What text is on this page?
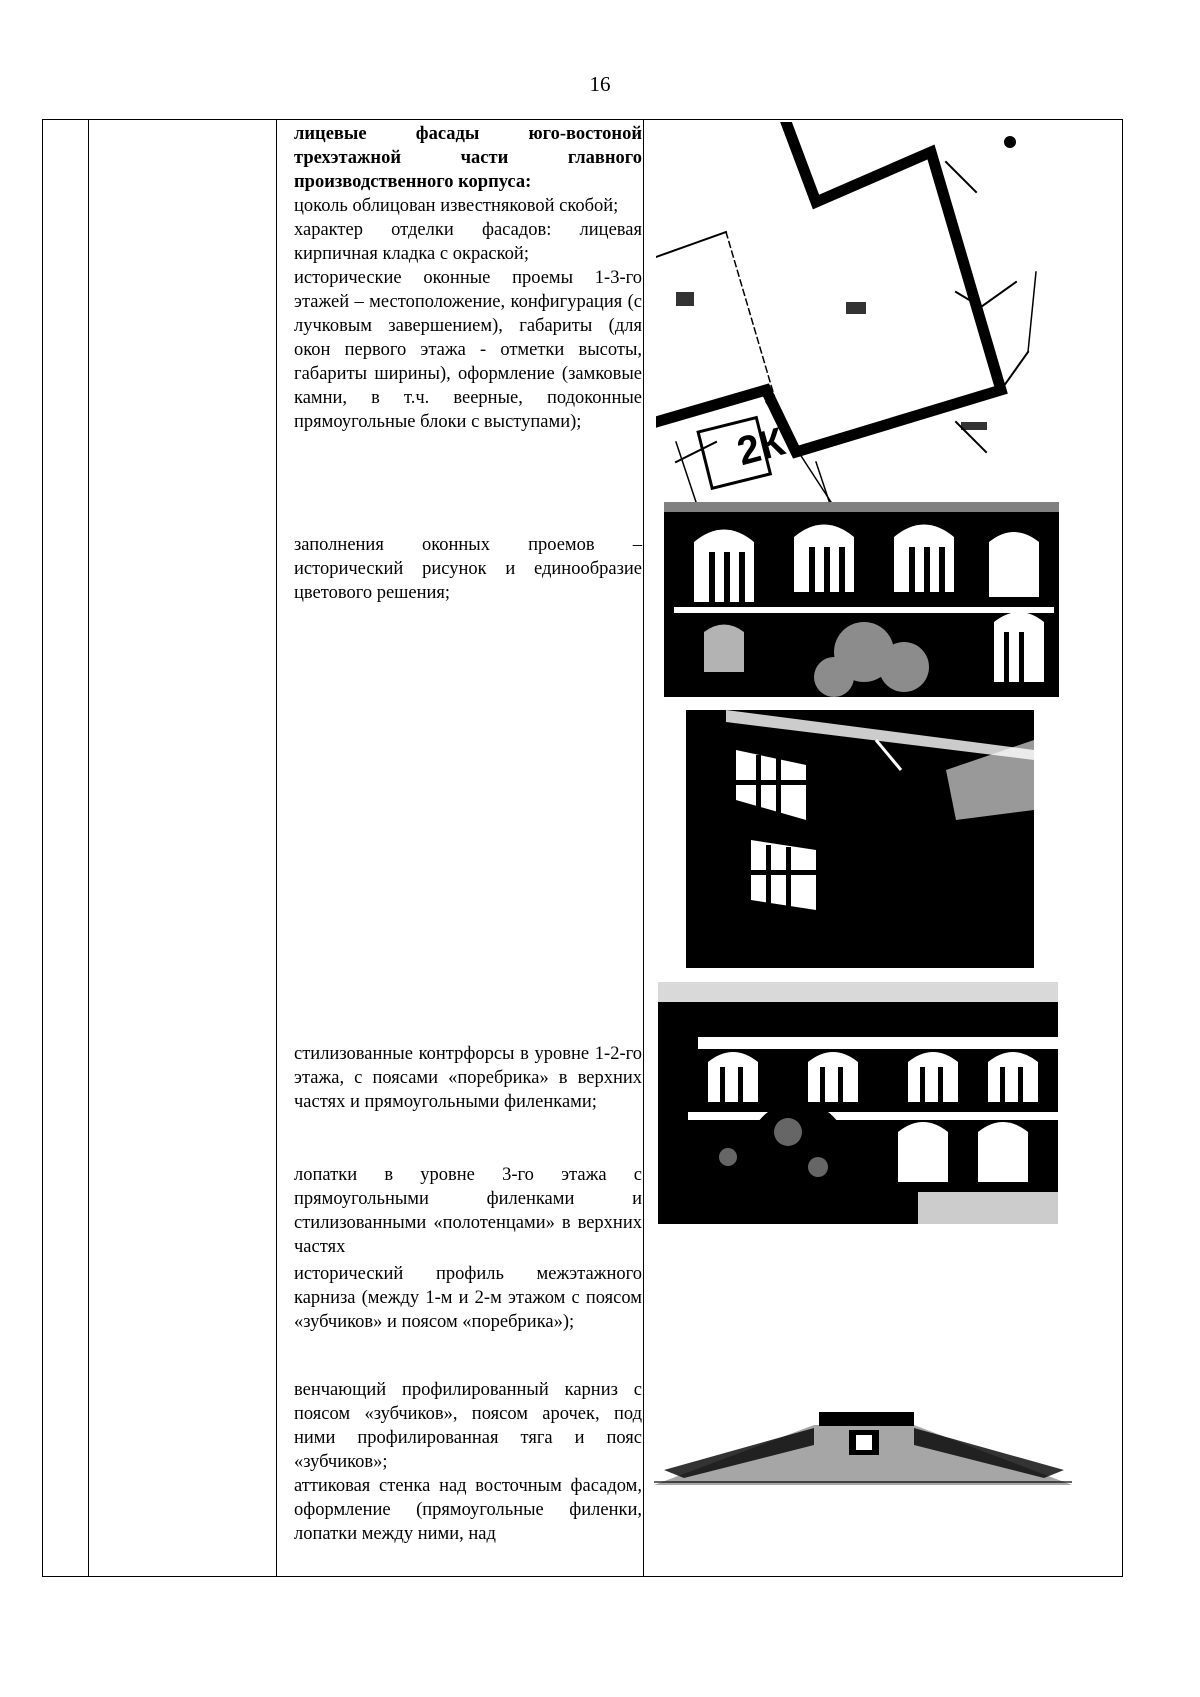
16

лицевые фасады юго-востоной трехэтажной части главного производственного корпуса:

цоколь облицован известняковой скобой;

характер отделки фасадов: лицевая кирпичная кладка с окраской;

исторические оконные проемы 1-3-го этажей – местоположение, конфигурация (с лучковым завершением), габариты (для окон первого этажа - отметки высоты, габариты ширины), оформление (замковые камни, в т.ч. веерные, подоконные прямоугольные блоки с выступами);

заполнения оконных проемов – исторический рисунок и единообразие цветового решения;

стилизованные контрфорсы в уровне 1-2-го этажа, с поясами «поребрика» в верхних частях и прямоугольными филенками;

лопатки в уровне 3-го этажа с прямоугольными филенками и стилизованными «полотенцами» в верхних частях

исторический профиль межэтажного карниза (между 1-м и 2-м этажом с поясом «зубчиков» и поясом «поребрика»);

венчающий профилированный карниз с поясом «зубчиков», поясом арочек, под ними профилированная тяга и пояс «зубчиков»;

аттиковая стенка над восточным фасадом, оформление (прямоугольные филенки, лопатки между ними, над

2К
